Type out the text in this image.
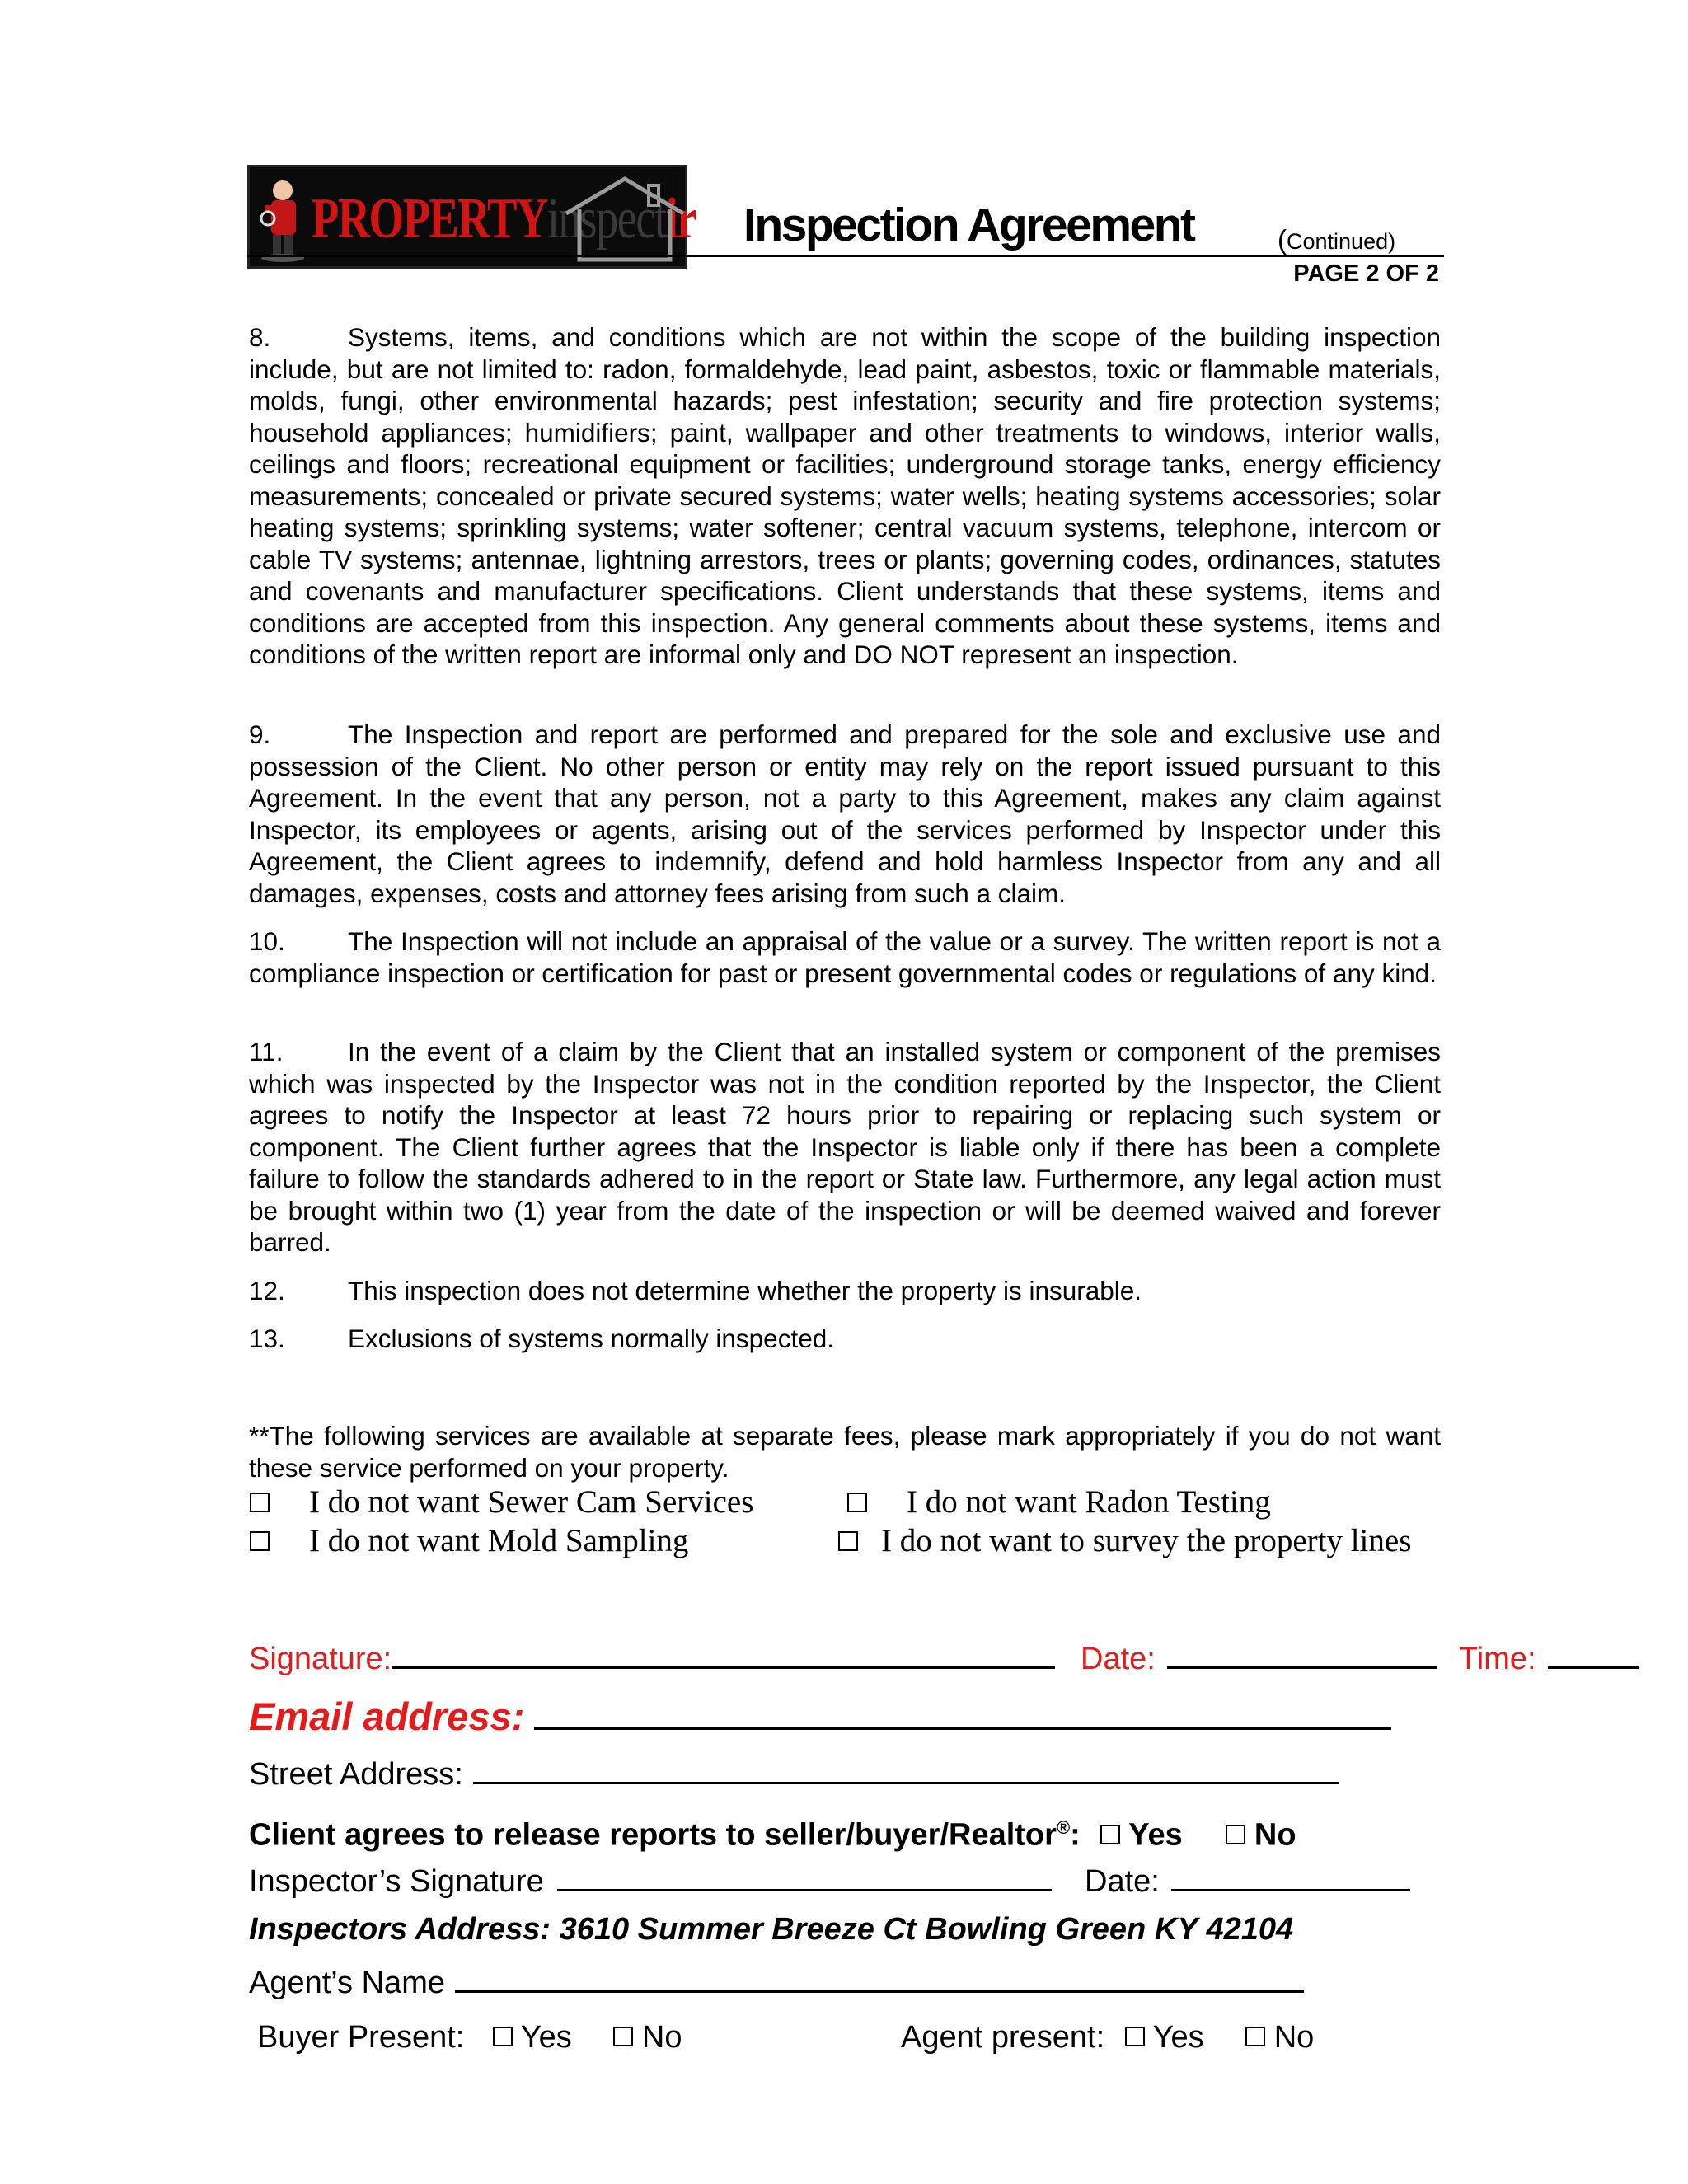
PROPERTYinspectir Inspection Agreement	(Continued)
PAGE 2 OF 2
8.	Systems, items, and conditions which are not within the scope of the building inspection include, but are not limited to: radon, formaldehyde, lead paint, asbestos, toxic or flammable materials, molds, fungi, other environmental hazards; pest infestation; security and fire protection systems; household appliances; humidifiers; paint, wallpaper and other treatments to windows, interior walls, ceilings and floors; recreational equipment or facilities; underground storage tanks, energy efficiency measurements; concealed or private secured systems; water wells; heating systems accessories; solar heating systems; sprinkling systems; water softener; central vacuum systems, telephone, intercom or cable TV systems; antennae, lightning arrestors, trees or plants; governing codes, ordinances, statutes and covenants and manufacturer specifications. Client understands that these systems, items and conditions are accepted from this inspection. Any general comments about these systems, items and conditions of the written report are informal only and DO NOT represent an inspection.
9.	The Inspection and report are performed and prepared for the sole and exclusive use and possession of the Client. No other person or entity may rely on the report issued pursuant to this Agreement. In the event that any person, not a party to this Agreement, makes any claim against Inspector, its employees or agents, arising out of the services performed by Inspector under this Agreement, the Client agrees to indemnify, defend and hold harmless Inspector from any and all damages, expenses, costs and attorney fees arising from such a claim.
10. The Inspection will not include an appraisal of the value or a survey. The written report is not a compliance inspection or certification for past or present governmental codes or regulations of any kind.
11. In the event of a claim by the Client that an installed system or component of the premises which was inspected by the Inspector was not in the condition reported by the Inspector, the Client agrees to notify the Inspector at least 72 hours prior to repairing or replacing such system or component. The Client further agrees that the Inspector is liable only if there has been a complete failure to follow the standards adhered to in the report or State law. Furthermore, any legal action must be brought within two (1) year from the date of the inspection or will be deemed waived and forever barred.
12. This inspection does not determine whether the property is insurable.
13. Exclusions of systems normally inspected.
**The following services are available at separate fees, please mark appropriately if you do not want these service performed on your property.
I do not want Sewer Cam Services	I do not want Radon Testing
I do not want Mold Sampling	I do not want to survey the property lines
Signature:	Date:	Time:
Email address:
Street Address:
Client agrees to release reports to seller/buyer/Realtor®: Yes No
Inspector’s Signature	Date:
Inspectors Address: 3610 Summer Breeze Ct Bowling Green KY 42104
Agent’s Name
Buyer Present: Yes No	Agent present: Yes No
